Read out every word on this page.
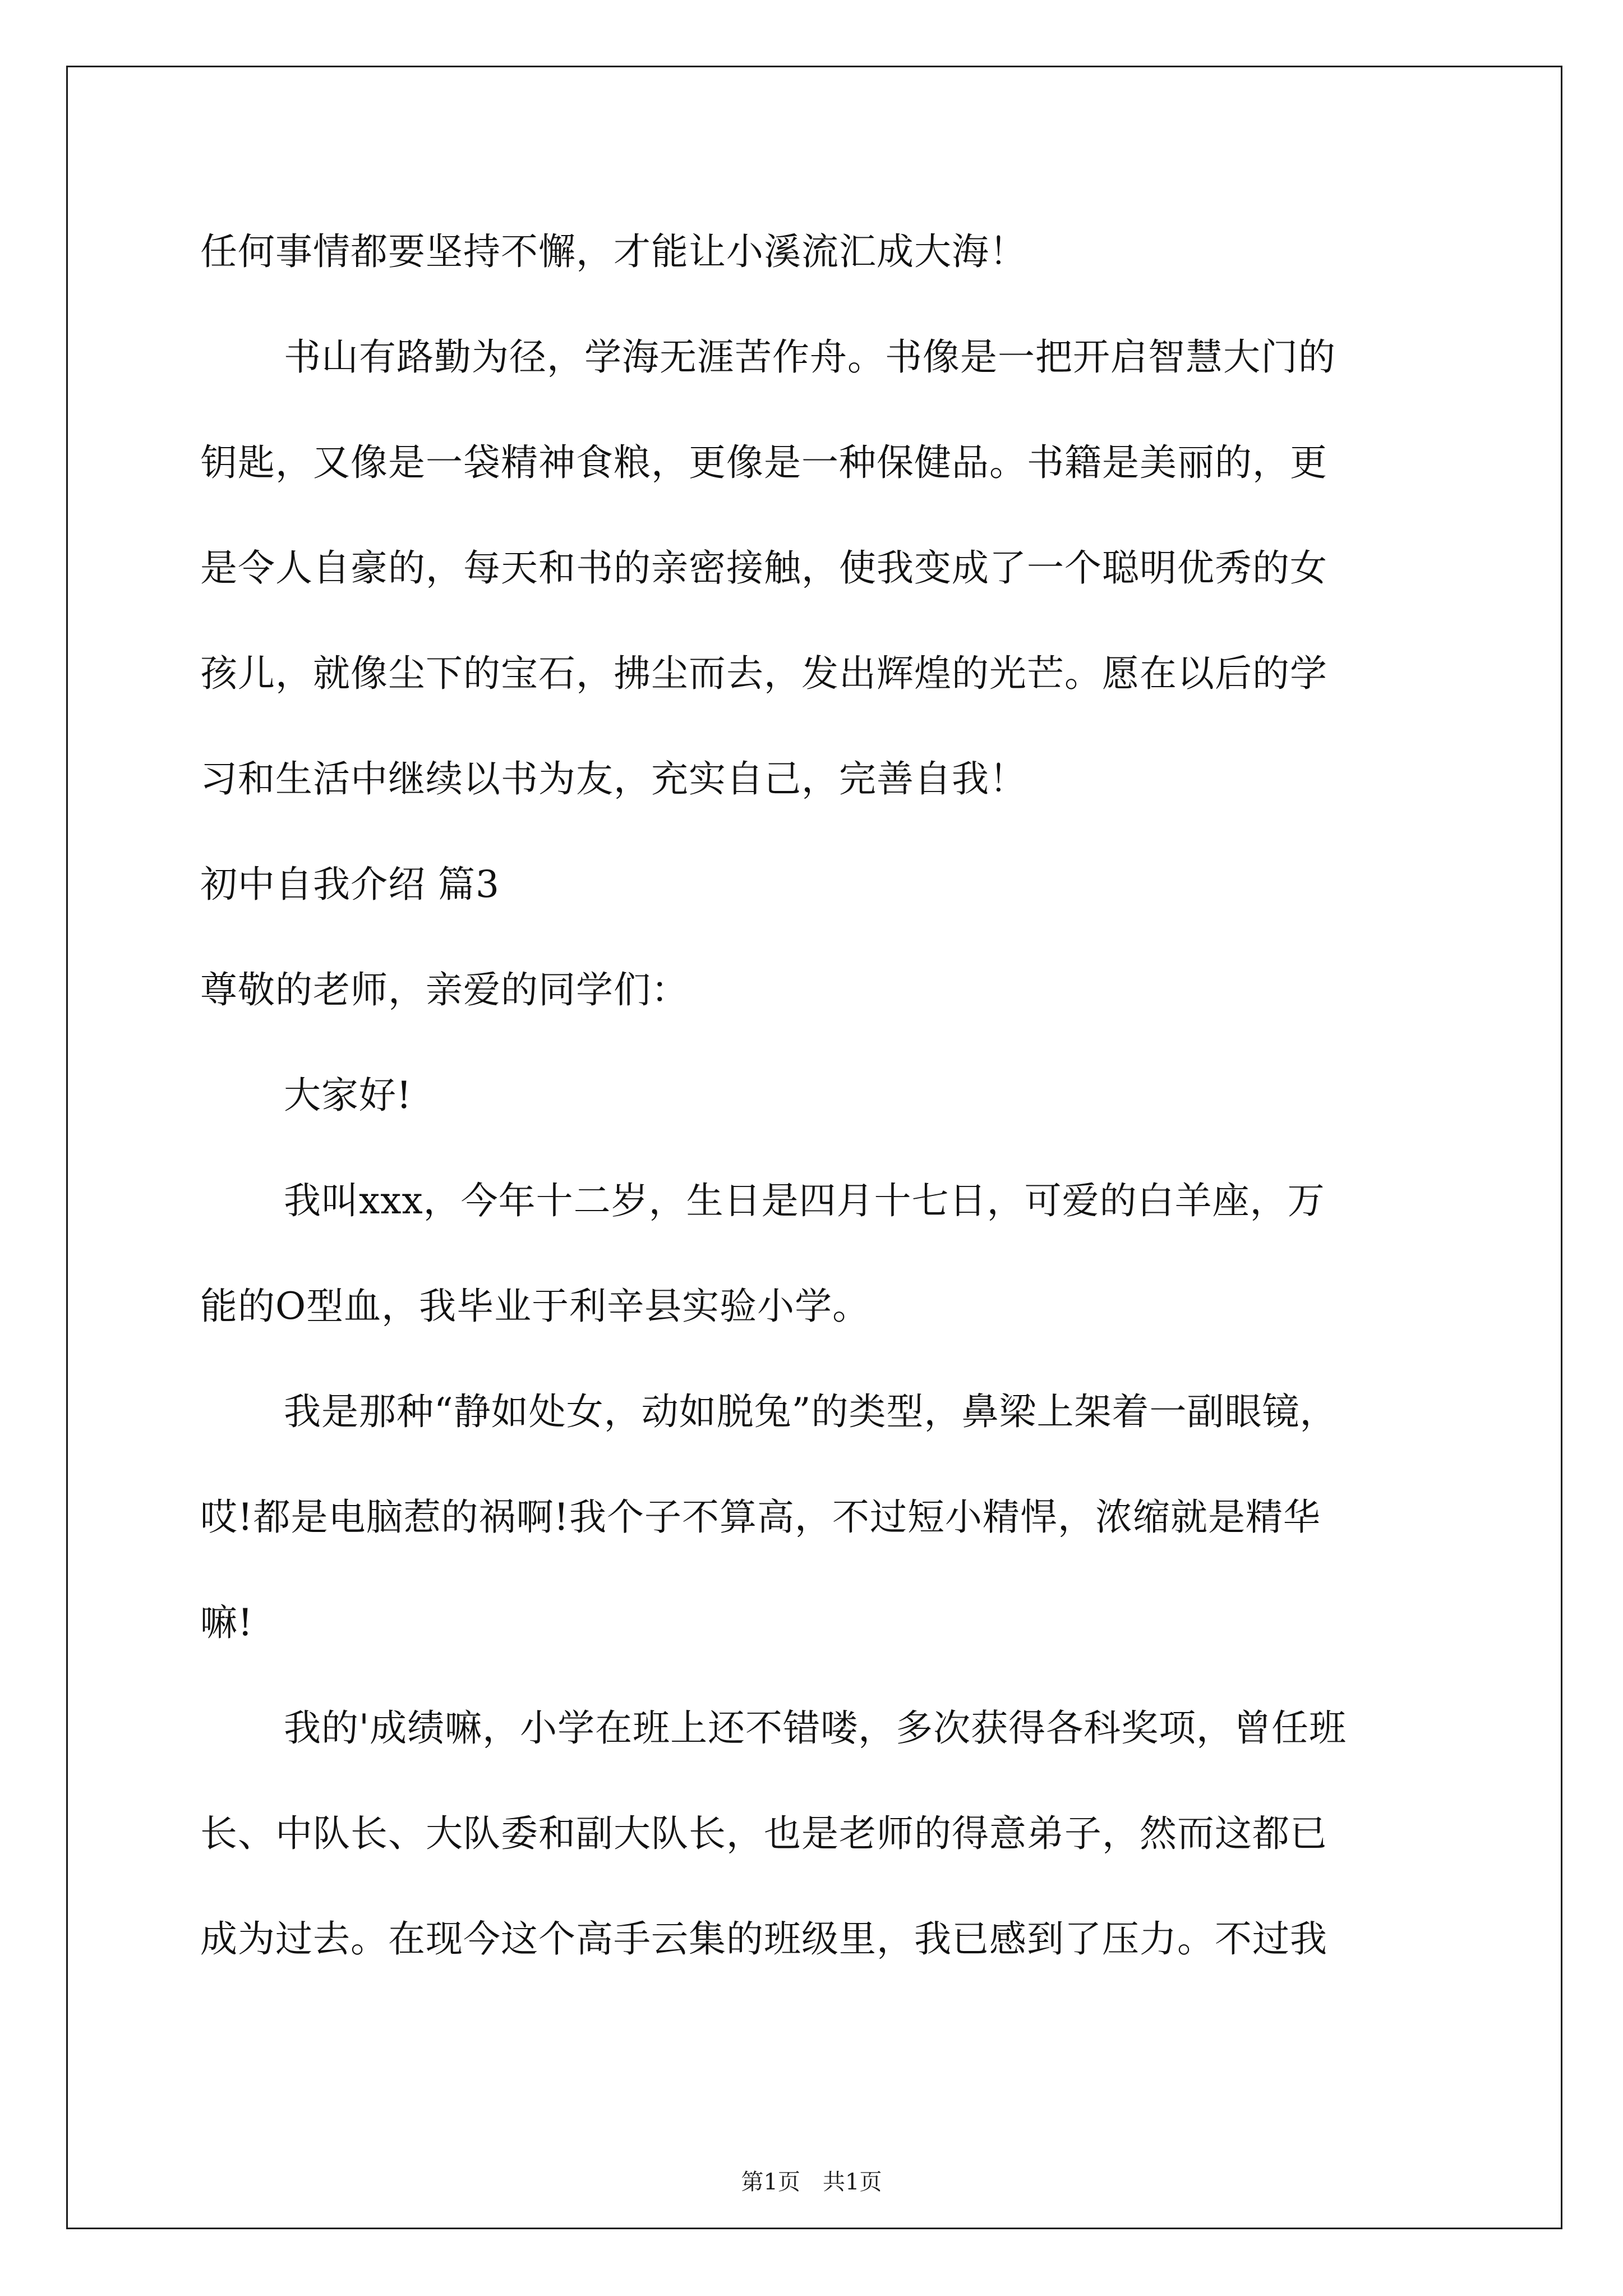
任何事情都要坚持不懈，才能让小溪流汇成大海！
书山有路勤为径，学海无涯苦作舟。书像是一把开启智慧大门的
钥匙，又像是一袋精神食粮，更像是一种保健品。书籍是美丽的，更
是令人自豪的，每天和书的亲密接触，使我变成了一个聪明优秀的女
孩儿，就像尘下的宝石，拂尘而去，发出辉煌的光芒。愿在以后的学
习和生活中继续以书为友，充实自己，完善自我！
初中自我介绍 篇3
尊敬的老师，亲爱的同学们：
大家好!
我叫xxx，今年十二岁，生日是四月十七日，可爱的白羊座，万
能的O型血，我毕业于利辛县实验小学。
我是那种“静如处女，动如脱兔”的类型，鼻梁上架着一副眼镜，
哎!都是电脑惹的祸啊!我个子不算高，不过短小精悍，浓缩就是精华
嘛!
我的'成绩嘛，小学在班上还不错喽，多次获得各科奖项，曾任班
长、中队长、大队委和副大队长，也是老师的得意弟子，然而这都已
成为过去。在现今这个高手云集的班级里，我已感到了压力。不过我
第1页　共1页
